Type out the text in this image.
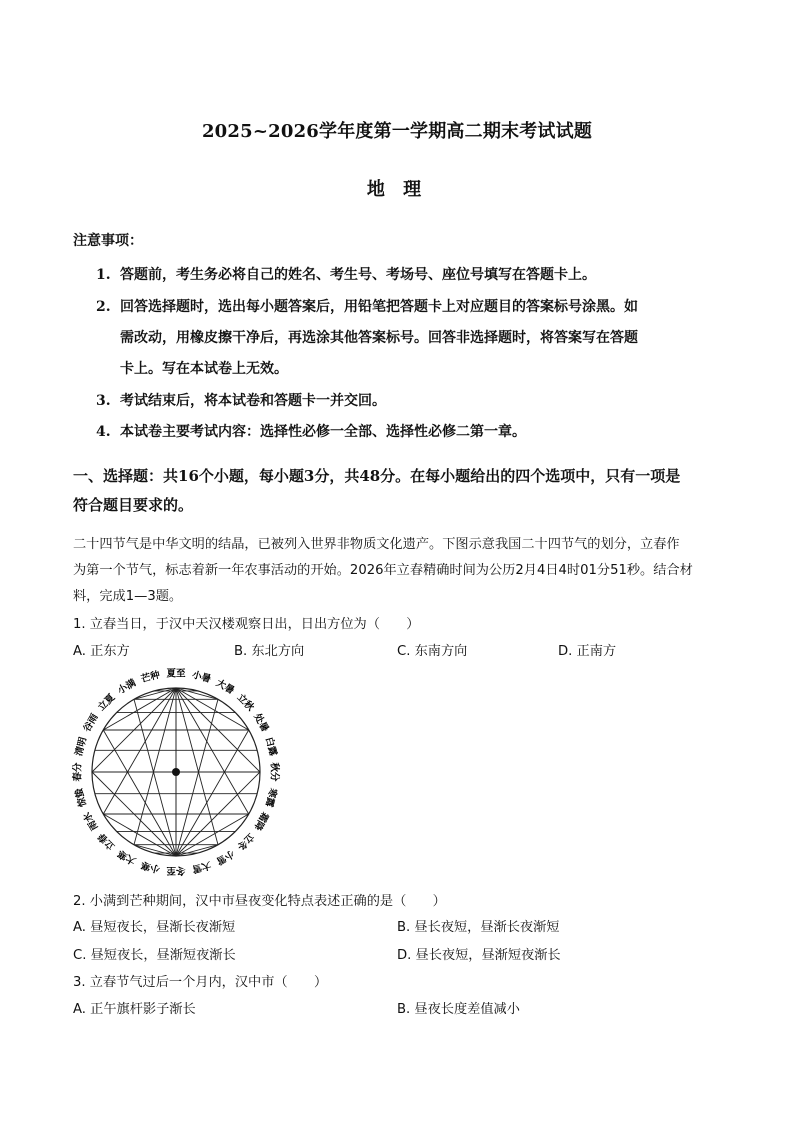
2025~2026学年度第一学期高二期末考试试题
地 理
注意事项：
1. 答题前，考生务必将自己的姓名、考生号、考场号、座位号填写在答题卡上。
2. 回答选择题时，选出每小题答案后，用铅笔把答题卡上对应题目的答案标号涂黑。如
需改动，用橡皮擦干净后，再选涂其他答案标号。回答非选择题时，将答案写在答题
卡上。写在本试卷上无效。
3. 考试结束后，将本试卷和答题卡一并交回。
4. 本试卷主要考试内容：选择性必修一全部、选择性必修二第一章。
一、选择题：共16个小题，每小题3分，共48分。在每小题给出的四个选项中，只有一项是
符合题目要求的。
二十四节气是中华文明的结晶，已被列入世界非物质文化遗产。下图示意我国二十四节气的划分，立春作
为第一个节气，标志着新一年农事活动的开始。2026年立春精确时间为公历2月4日4时01分51秒。结合材
料，完成1—3题。
1. 立春当日，于汉中天汉楼观察日出，日出方位为（　　）
A. 正东方	B. 东北方向	C. 东南方向	D. 正南方
夏至 小暑
大暑
立秋
处暑
白露
秋分
寒露
霜降
立冬
小雪
大雪
冬至
小寒
大寒
立春
雨水
惊蛰
春分
清明
谷雨
立夏
小满
芒种
2. 小满到芒种期间，汉中市昼夜变化特点表述正确的是（　　）
A. 昼短夜长，昼渐长夜渐短	B. 昼长夜短，昼渐长夜渐短
C. 昼短夜长，昼渐短夜渐长	D. 昼长夜短，昼渐短夜渐长
3. 立春节气过后一个月内，汉中市（　　）
A. 正午旗杆影子渐长	B. 昼夜长度差值减小
